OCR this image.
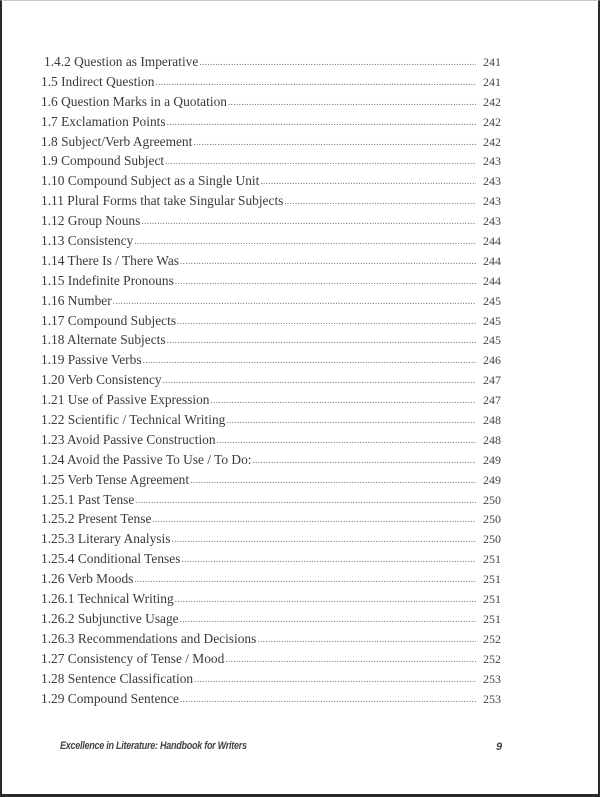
1.4.2 Question as Imperative .....	241
1.5 Indirect Question .....	241
1.6 Question Marks in a Quotation .....	242
1.7 Exclamation Points .....	242
1.8 Subject/Verb Agreement .....	242
1.9 Compound Subject .....	243
1.10 Compound Subject as a Single Unit .....	243
1.11 Plural Forms that take Singular Subjects .....	243
1.12 Group Nouns .....	243
1.13 Consistency .....	244
1.14 There Is / There Was .....	244
1.15 Indefinite Pronouns .....	244
1.16 Number .....	245
1.17 Compound Subjects .....	245
1.18 Alternate Subjects .....	245
1.19 Passive Verbs .....	246
1.20 Verb Consistency .....	247
1.21 Use of Passive Expression .....	247
1.22 Scientific / Technical Writing .....	248
1.23 Avoid Passive Construction .....	248
1.24 Avoid the Passive To Use / To Do: .....	249
1.25 Verb Tense Agreement .....	249
1.25.1 Past Tense .....	250
1.25.2 Present Tense .....	250
1.25.3 Literary Analysis .....	250
1.25.4 Conditional Tenses .....	251
1.26 Verb Moods .....	251
1.26.1 Technical Writing .....	251
1.26.2 Subjunctive Usage .....	251
1.26.3 Recommendations and Decisions .....	252
1.27 Consistency of Tense / Mood .....	252
1.28 Sentence Classification .....	253
1.29 Compound Sentence .....	253
Excellence in Literature: Handbook for Writers	9
